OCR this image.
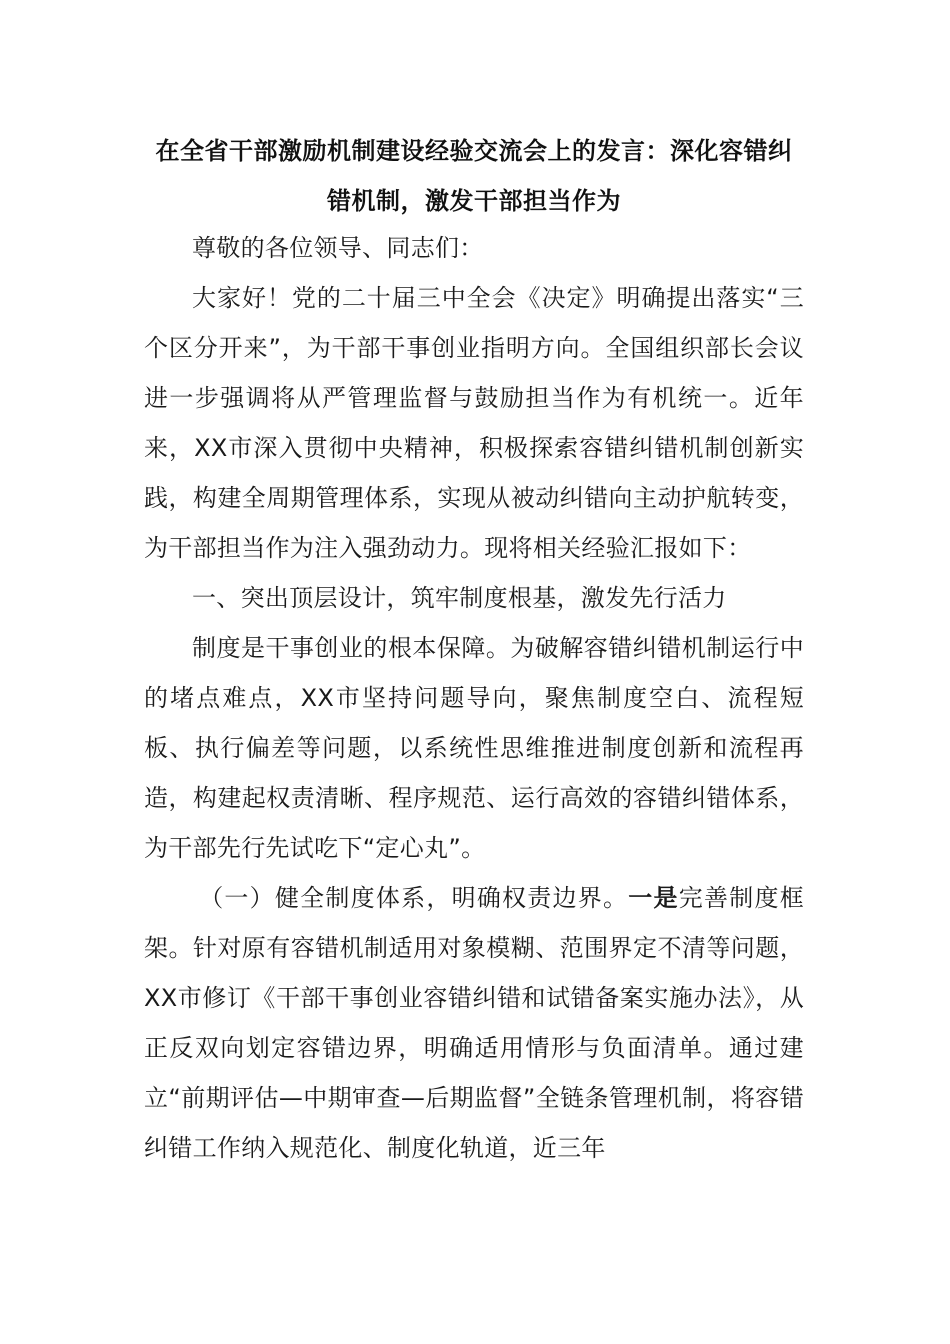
在全省干部激励机制建设经验交流会上的发言：深化容错纠错机制，激发干部担当作为

尊敬的各位领导、同志们：

大家好！党的二十届三中全会《决定》明确提出落实“三个区分开来”，为干部干事创业指明方向。全国组织部长会议进一步强调将从严管理监督与鼓励担当作为有机统一。近年来，XX市深入贯彻中央精神，积极探索容错纠错机制创新实践，构建全周期管理体系，实现从被动纠错向主动护航转变，为干部担当作为注入强劲动力。现将相关经验汇报如下：

一、突出顶层设计，筑牢制度根基，激发先行活力

制度是干事创业的根本保障。为破解容错纠错机制运行中的堵点难点，XX市坚持问题导向，聚焦制度空白、流程短板、执行偏差等问题，以系统性思维推进制度创新和流程再造，构建起权责清晰、程序规范、运行高效的容错纠错体系，为干部先行先试吃下“定心丸”。

（一）健全制度体系，明确权责边界。一是完善制度框架。针对原有容错机制适用对象模糊、范围界定不清等问题，XX市修订《干部干事创业容错纠错和试错备案实施办法》，从正反双向划定容错边界，明确适用情形与负面清单。通过建立“前期评估—中期审查—后期监督”全链条管理机制，将容错纠错工作纳入规范化、制度化轨道，近三年
